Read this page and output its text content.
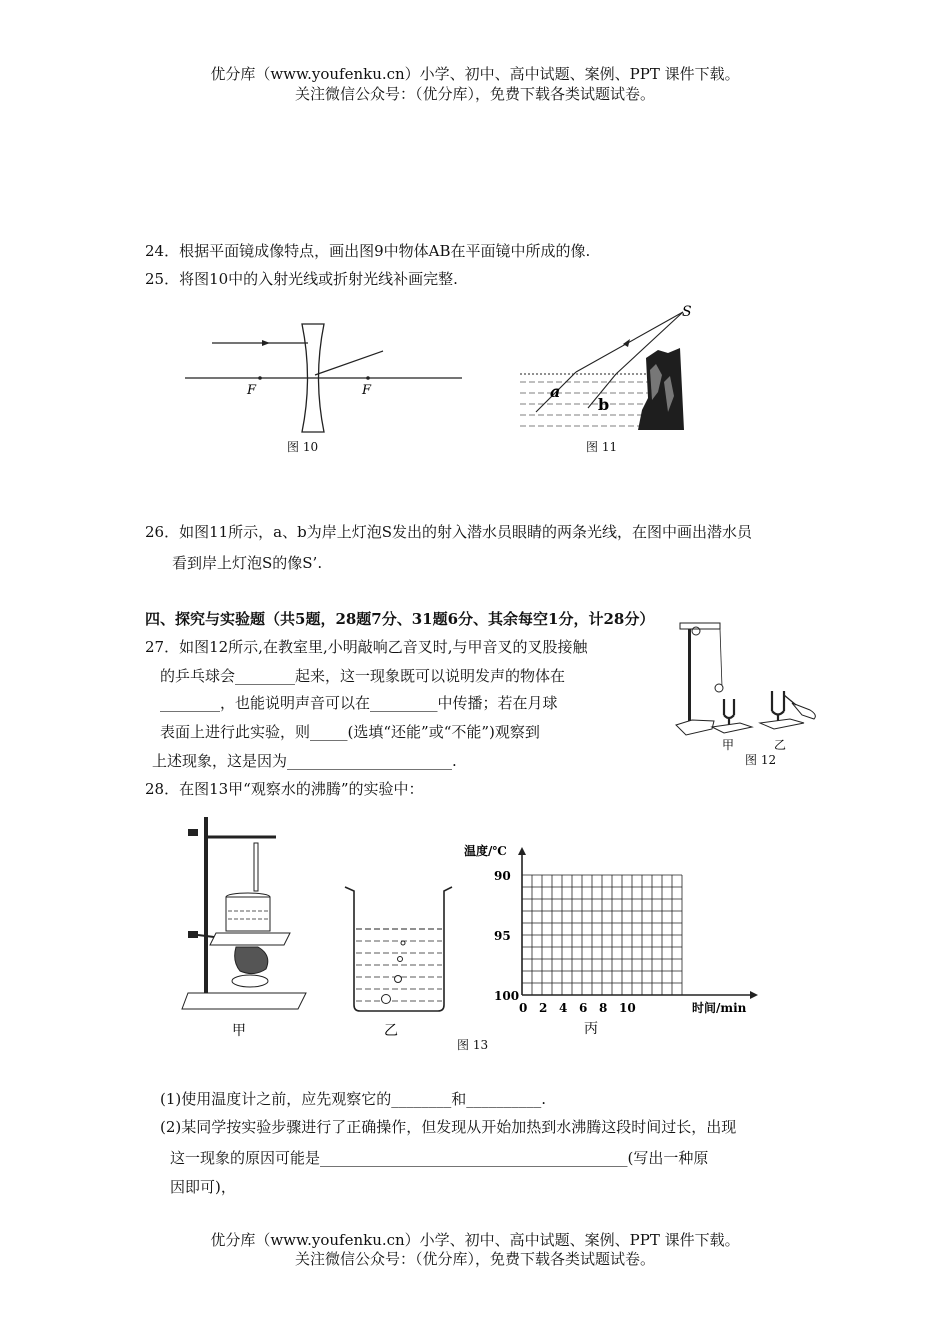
优分库（www.youfenku.cn）小学、初中、高中试题、案例、PPT 课件下载。
关注微信公众号：（优分库），免费下载各类试题试卷。
24．根据平面镜成像特点，画出图9中物体AB在平面镜中所成的像.
25．将图10中的入射光线或折射光线补画完整.
F	F
图 10
S
a
b
图 11
26．如图11所示，a、b为岸上灯泡S发出的射入潜水员眼睛的两条光线，在图中画出潜水员
看到岸上灯泡S的像S’.
四、探究与实验题（共5题，28题7分、31题6分、其余每空1分，计28分）
27．如图12所示,在教室里,小明敲响乙音叉时,与甲音叉的叉股接触
的乒乓球会________起来，这一现象既可以说明发声的物体在
________，也能说明声音可以在_________中传播；若在月球
表面上进行此实验，则_____(选填“还能”或“不能”)观察到
上述现象，这是因为______________________.
甲	乙
图 12
28．在图13甲“观察水的沸腾”的实验中：
甲	乙
100
95
90
0 2 4 6 8 10
温度/℃
时间/min
丙
图 13
(1)使用温度计之前，应先观察它的________和__________.
(2)某同学按实验步骤进行了正确操作，但发现从开始加热到水沸腾这段时间过长，出现
这一现象的原因可能是_________________________________________(写出一种原
因即可)，
优分库（www.youfenku.cn）小学、初中、高中试题、案例、PPT 课件下载。
关注微信公众号：（优分库），免费下载各类试题试卷。
